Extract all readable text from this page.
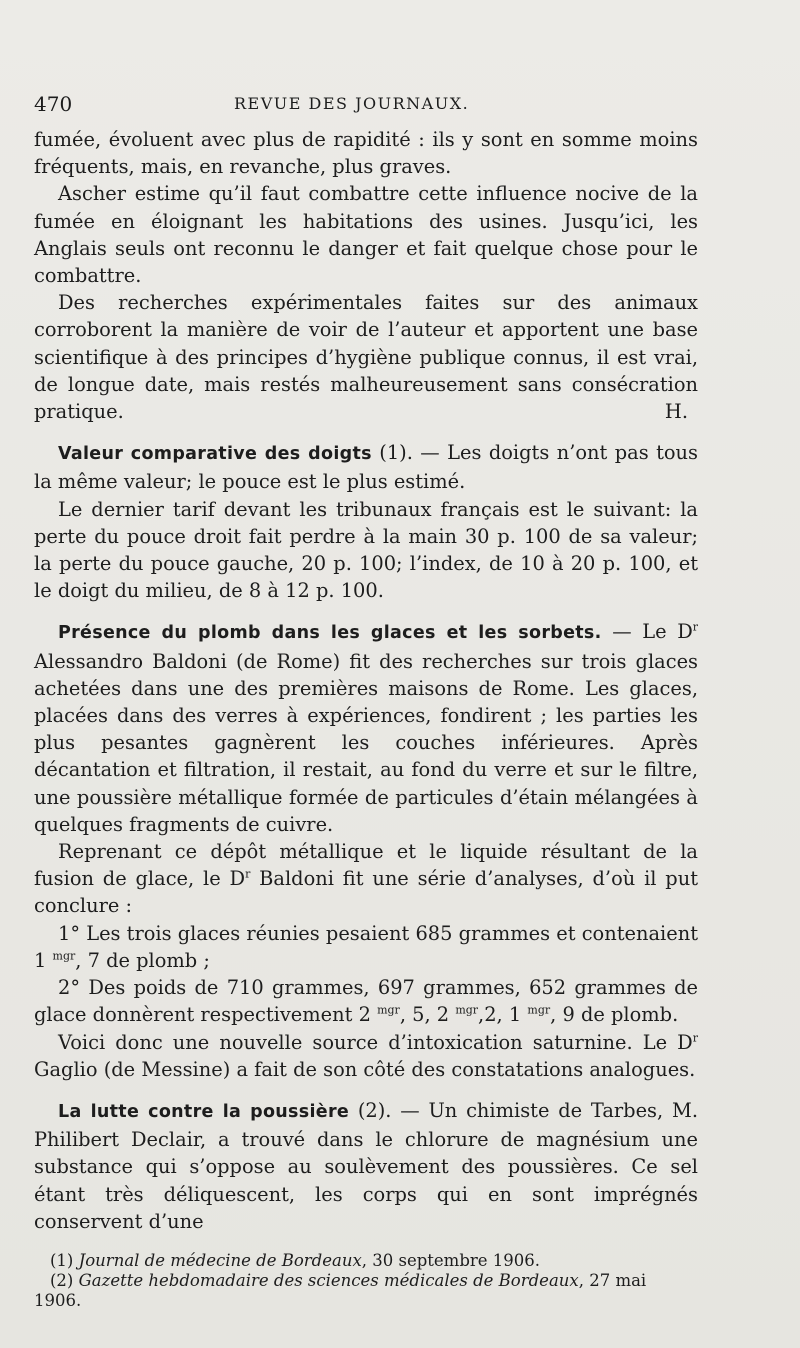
470	REVUE DES JOURNAUX.

fumée, évoluent avec plus de rapidité : ils y sont en somme moins fréquents, mais, en revanche, plus graves.

Ascher estime qu’il faut combattre cette influence nocive de la fumée en éloignant les habitations des usines. Jusqu’ici, les Anglais seuls ont reconnu le danger et fait quelque chose pour le combattre.

Des recherches expérimentales faites sur des animaux corroborent la manière de voir de l’auteur et apportent une base scientifique à des principes d’hygiène publique connus, il est vrai, de longue date, mais restés malheureusement sans consécration pratique.	H.

Valeur comparative des doigts (1). — Les doigts n’ont pas tous la même valeur; le pouce est le plus estimé.

Le dernier tarif devant les tribunaux français est le suivant: la perte du pouce droit fait perdre à la main 30 p. 100 de sa valeur; la perte du pouce gauche, 20 p. 100; l’index, de 10 à 20 p. 100, et le doigt du milieu, de 8 à 12 p. 100.

Présence du plomb dans les glaces et les sorbets. — Le $D^r$ Alessandro Baldoni (de Rome) fit des recherches sur trois glaces achetées dans une des premières maisons de Rome. Les glaces, placées dans des verres à expériences, fondirent ; les parties les plus pesantes gagnèrent les couches inférieures. Après décantation et filtration, il restait, au fond du verre et sur le filtre, une poussière métallique formée de particules d’étain mélangées à quelques fragments de cuivre.

Reprenant ce dépôt métallique et le liquide résultant de la fusion de glace, le $D^r$ Baldoni fit une série d’analyses, d’où il put conclure :

1° Les trois glaces réunies pesaient 685 grammes et contenaient 1 $^{mgr}$, 7 de plomb ;

2° Des poids de 710 grammes, 697 grammes, 652 grammes de glace donnèrent respectivement 2 $^{mgr}$, 5, 2 $^{mgr}$,2, 1 $^{mgr}$, 9 de plomb.

Voici donc une nouvelle source d’intoxication saturnine. Le $D^r$ Gaglio (de Messine) a fait de son côté des constatations analogues.

La lutte contre la poussière (2). — Un chimiste de Tarbes, M. Philibert Declair, a trouvé dans le chlorure de magnésium une substance qui s’oppose au soulèvement des poussières. Ce sel étant très déliquescent, les corps qui en sont imprégnés conservent d’une

(1) Journal de médecine de Bordeaux, 30 septembre 1906.

(2) Gazette hebdomadaire des sciences médicales de Bordeaux, 27 mai 1906.
